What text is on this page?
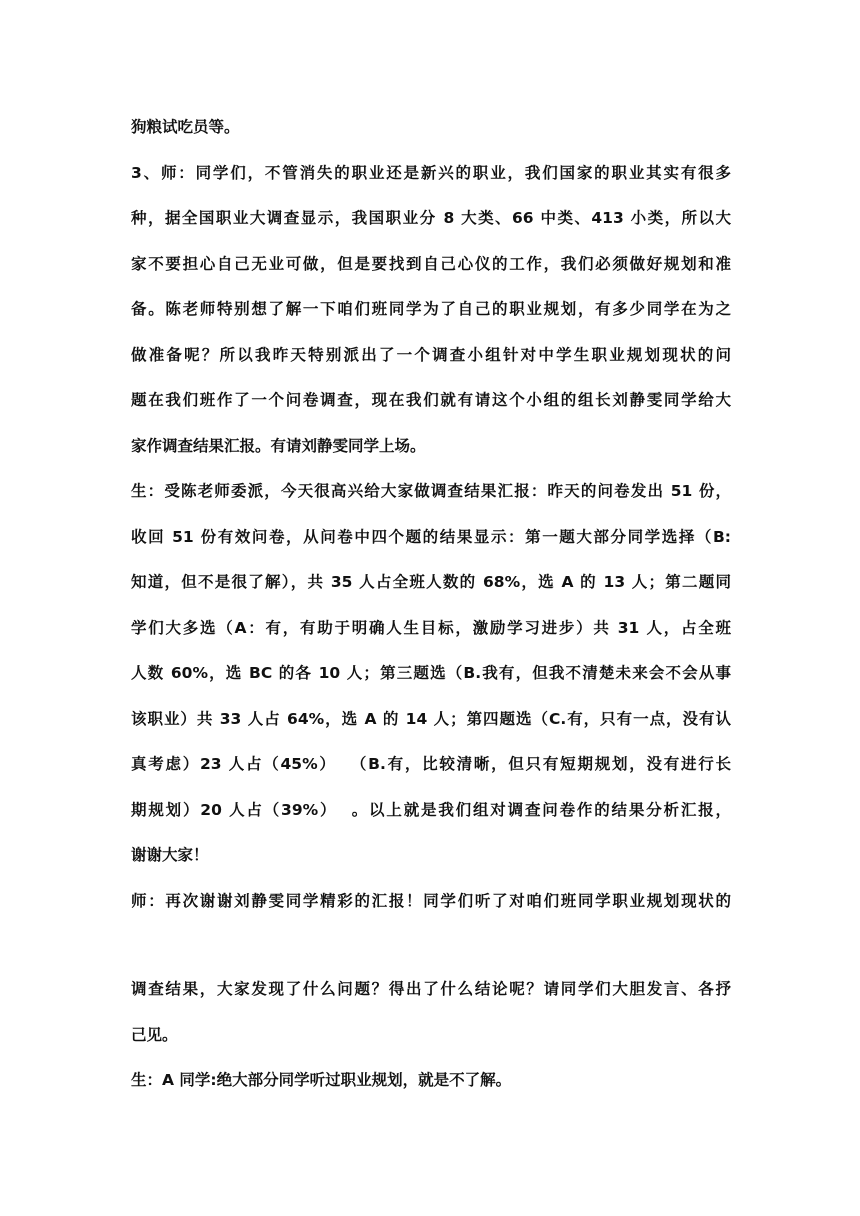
狗粮试吃员等。

3、师：同学们，不管消失的职业还是新兴的职业，我们国家的职业其实有很多

种，据全国职业大调查显示，我国职业分 8 大类、66 中类、413 小类，所以大

家不要担心自己无业可做，但是要找到自己心仪的工作，我们必须做好规划和准

备。陈老师特别想了解一下咱们班同学为了自己的职业规划，有多少同学在为之

做准备呢？所以我昨天特别派出了一个调查小组针对中学生职业规划现状的问

题在我们班作了一个问卷调查，现在我们就有请这个小组的组长刘静雯同学给大

家作调查结果汇报。有请刘静雯同学上场。

生：受陈老师委派，今天很高兴给大家做调查结果汇报：昨天的问卷发出 51 份，

收回 51 份有效问卷，从问卷中四个题的结果显示：第一题大部分同学选择（B:

知道，但不是很了解），共 35 人占全班人数的 68%，选 A 的 13 人；第二题同

学们大多选（A：有，有助于明确人生目标，激励学习进步）共 31 人，占全班

人数 60%，选 BC 的各 10 人；第三题选（B.我有，但我不清楚未来会不会从事

该职业）共 33 人占 64%，选 A 的 14 人；第四题选（C.有，只有一点，没有认

真考虑）23 人占（45%）  （B.有，比较清晰，但只有短期规划，没有进行长

期规划）20 人占（39%）  。以上就是我们组对调查问卷作的结果分析汇报，

谢谢大家！

师：再次谢谢刘静雯同学精彩的汇报！同学们听了对咱们班同学职业规划现状的

调查结果，大家发现了什么问题？得出了什么结论呢？请同学们大胆发言、各抒

己见。

生：A 同学:绝大部分同学听过职业规划，就是不了解。
